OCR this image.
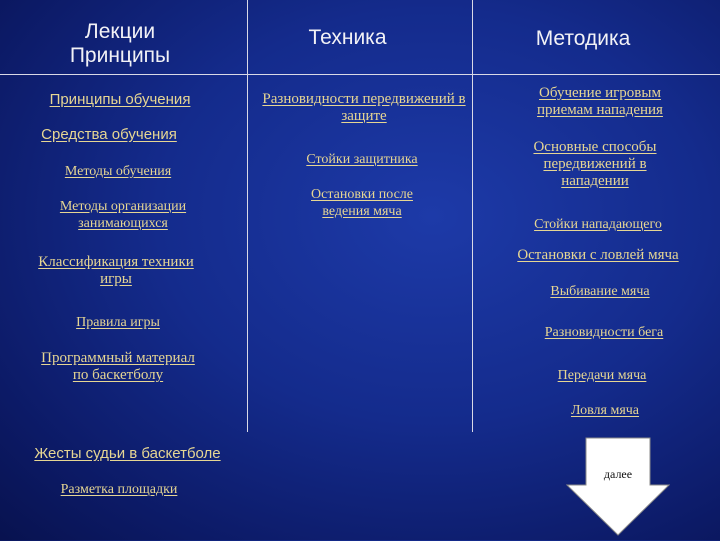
Лекции
Принципы
Техника	Методика
Принципы обучения
Средства обучения
Методы обучения
Методы организации
занимающихся
Классификация техники
игры
Правила игры
Программный материал
по баскетболу
Жесты судьи в баскетболе
Разметка площадки
Разновидности передвижений в
защите
Стойки защитника
Остановки после
ведения мяча
Обучение игровым
приемам нападения
Основные способы
передвижений в
нападении
Стойки нападающего
Остановки с ловлей мяча
Выбивание мяча
Разновидности бега
Передачи мяча
Ловля мяча
далее
